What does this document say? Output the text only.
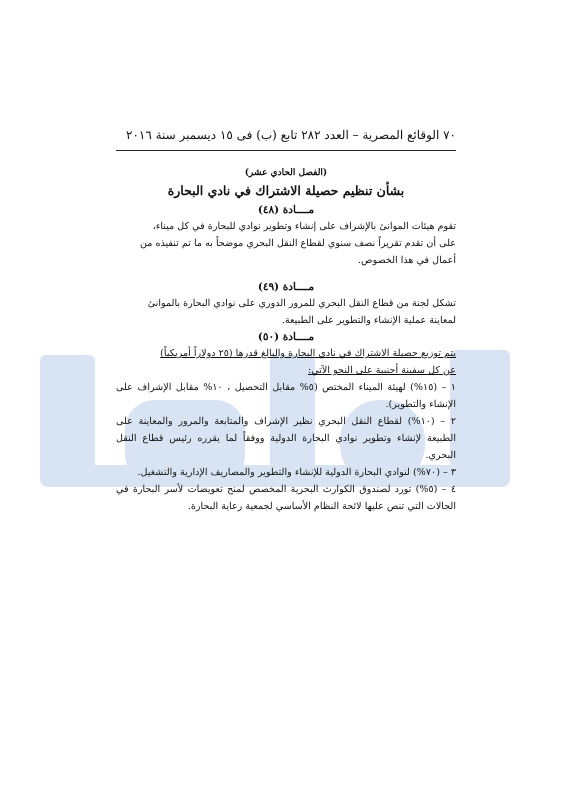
٧٠ الوقائع المصرية – العدد ٢٨٢ تابع (ب) فى ١٥ ديسمبر سنة ٢٠١٦
(الفصل الحادي عشر)
بشأن تنظيم حصيلة الاشتراك في نادي البحارة
مــــادة (٤٨)

تقوم هيئات الموانئ بالإشراف على إنشاء وتطوير نوادي للبحارة في كل ميناء،

على أن تقدم تقريراً نصف سنوي لقطاع النقل البحري موضحاً به ما تم تنفيذه من

أعمال في هذا الخصوص.

مــــادة (٤٩)

تشكل لجنة من قطاع النقل البحري للمرور الدوري على نوادي البحارة بالموانئ

لمعاينة عملية الإنشاء والتطوير على الطبيعة.

مــــادة (٥٠)

يتم توزيع حصيلة الاشتراك في نادي البحارة والبالغ قدرها (٢٥ دولاراً أمريكياً)

عن كل سفينة أجنبية على النحو الآتي:

١ – (١٥%) لهيئة الميناء المختص (٥% مقابل التحصيل ، ١٠% مقابل الإشراف على الإنشاء والتطوير).

٢ – (١٠%) لقطاع النقل البحري نظير الإشراف والمتابعة والمرور والمعاينة على الطبيعة لإنشاء وتطوير نوادي البحارة الدولية ووفقاً لما يقرره رئيس قطاع النقل البحري.

٣ – (٧٠%) لنوادي البحارة الدولية للإنشاء والتطوير والمصاريف الإدارية والتشغيل.

٤ – (٥%) تورد لصندوق الكوارث البحرية المخصص لمنح تعويضات لأسر البحارة في الحالات التي تنص عليها لائحة النظام الأساسي لجمعية رعاية البحارة.
